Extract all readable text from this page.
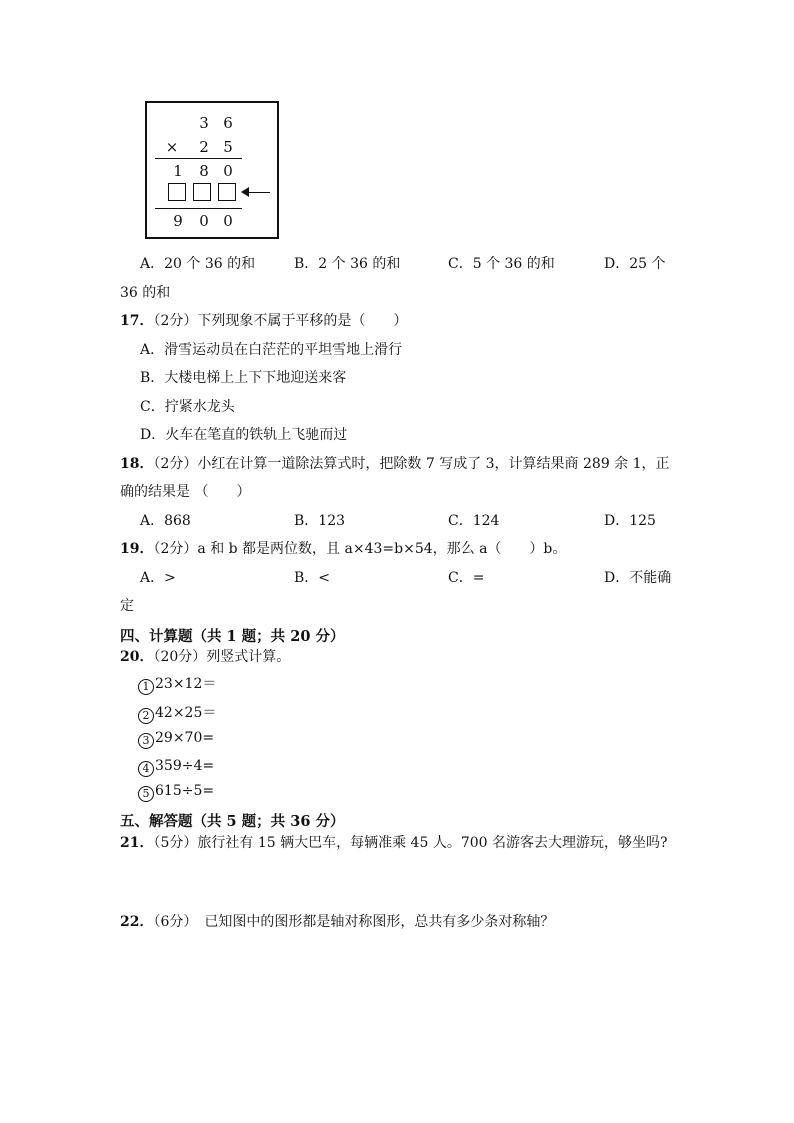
3 6
× 2 5
1 8 0
9 0 0
A．20 个 36 的和	B．2 个 36 的和	C．5 个 36 的和	D．25 个
36 的和
17．（2分）下列现象不属于平移的是（　　）
A．滑雪运动员在白茫茫的平坦雪地上滑行
B．大楼电梯上上下下地迎送来客
C．拧紧水龙头
D．火车在笔直的铁轨上飞驰而过
18．（2分）小红在计算一道除法算式时，把除数 7 写成了 3，计算结果商 289 余 1，正
确的结果是 （　　）
A．868	B．123	C．124	D．125
19．（2分）a 和 b 都是两位数，且 a×43=b×54，那么 a（　　）b。
A．>	B．<	C．=	D．不能确
定
四、计算题（共 1 题；共 20 分）
20．（20分）列竖式计算。
1 23×12＝
2 42×25＝
3 29×70=
4 359÷4=
5 615÷5=
五、解答题（共 5 题；共 36 分）
21．（5分）旅行社有 15 辆大巴车，每辆准乘 45 人。700 名游客去大理游玩，够坐吗?
22．（6分）　已知图中的图形都是轴对称图形，总共有多少条对称轴？
